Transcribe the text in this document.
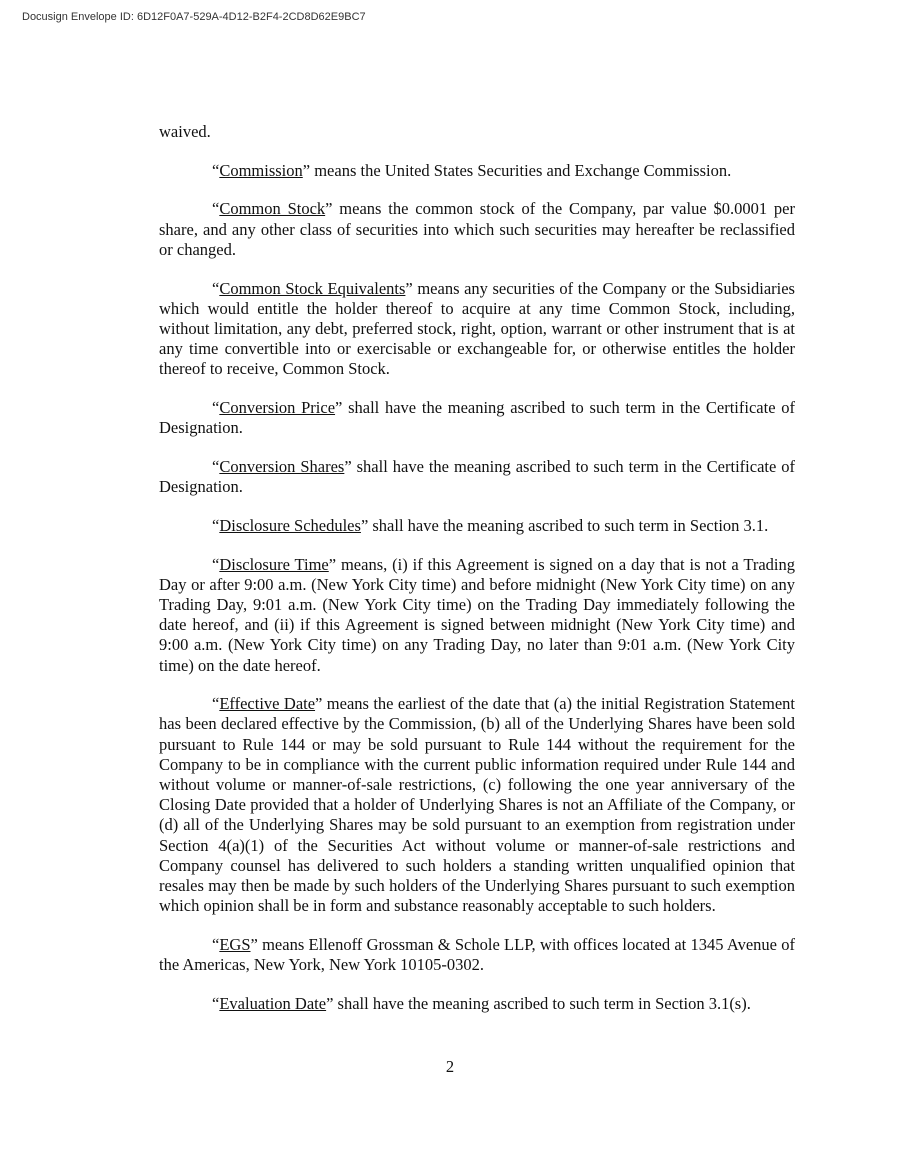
Docusign Envelope ID: 6D12F0A7-529A-4D12-B2F4-2CD8D62E9BC7

waived.

“Commission” means the United States Securities and Exchange Commission.

“Common Stock” means the common stock of the Company, par value $0.0001 per share, and any other class of securities into which such securities may hereafter be reclassified or changed.

“Common Stock Equivalents” means any securities of the Company or the Subsidiaries which would entitle the holder thereof to acquire at any time Common Stock, including, without limitation, any debt, preferred stock, right, option, warrant or other instrument that is at any time convertible into or exercisable or exchangeable for, or otherwise entitles the holder thereof to receive, Common Stock.

“Conversion Price” shall have the meaning ascribed to such term in the Certificate of Designation.

“Conversion Shares” shall have the meaning ascribed to such term in the Certificate of Designation.

“Disclosure Schedules” shall have the meaning ascribed to such term in Section 3.1.

“Disclosure Time” means, (i) if this Agreement is signed on a day that is not a Trading Day or after 9:00 a.m. (New York City time) and before midnight (New York City time) on any Trading Day, 9:01 a.m. (New York City time) on the Trading Day immediately following the date hereof, and (ii) if this Agreement is signed between midnight (New York City time) and 9:00 a.m. (New York City time) on any Trading Day, no later than 9:01 a.m. (New York City time) on the date hereof.

“Effective Date” means the earliest of the date that (a) the initial Registration Statement has been declared effective by the Commission, (b) all of the Underlying Shares have been sold pursuant to Rule 144 or may be sold pursuant to Rule 144 without the requirement for the Company to be in compliance with the current public information required under Rule 144 and without volume or manner-of-sale restrictions, (c) following the one year anniversary of the Closing Date provided that a holder of Underlying Shares is not an Affiliate of the Company, or (d) all of the Underlying Shares may be sold pursuant to an exemption from registration under Section 4(a)(1) of the Securities Act without volume or manner-of-sale restrictions and Company counsel has delivered to such holders a standing written unqualified opinion that resales may then be made by such holders of the Underlying Shares pursuant to such exemption which opinion shall be in form and substance reasonably acceptable to such holders.

“EGS” means Ellenoff Grossman & Schole LLP, with offices located at 1345 Avenue of the Americas, New York, New York 10105-0302.

“Evaluation Date” shall have the meaning ascribed to such term in Section 3.1(s).

2
